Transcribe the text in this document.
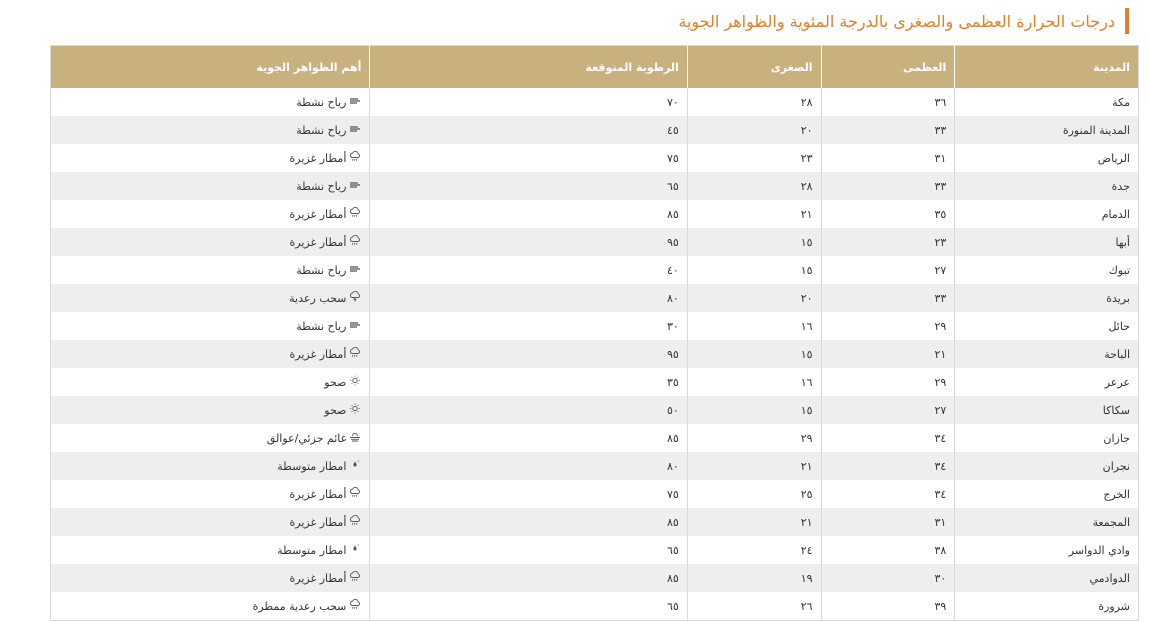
درجات الحرارة العظمى والصغرى بالدرجة المئوية والظواهر الجوية
المدينة
العظمى
الصغرى
الرطوبة المتوقعة
أهم الظواهر الجوية
مكة
٣٦
٢٨
٧٠
رياح نشطة
المدينة المنورة
٣٣
٢٠
٤٥
رياح نشطة
الرياض
٣١
٢٣
٧٥
أمطار غزيرة
جدة
٣٣
٢٨
٦٥
رياح نشطة
الدمام
٣٥
٢١
٨٥
أمطار غزيرة
أبها
٢٣
١٥
٩٥
أمطار غزيرة
تبوك
٢٧
١٥
٤٠
رياح نشطة
بريدة
٣٣
٢٠
٨٠
سحب رعدية
حائل
٢٩
١٦
٣٠
رياح نشطة
الباحة
٢١
١٥
٩٥
أمطار غزيرة
عرعر
٢٩
١٦
٣٥
صحو
سكاكا
٢٧
١٥
٥٠
صحو
جازان
٣٤
٢٩
٨٥
غائم جزئي/عوالق
نجران
٣٤
٢١
٨٠
امطار متوسطة
الخرج
٣٤
٢٥
٧٥
أمطار غزيرة
المجمعة
٣١
٢١
٨٥
أمطار غزيرة
وادي الدواسر
٣٨
٢٤
٦٥
امطار متوسطة
الدوادمي
٣٠
١٩
٨٥
أمطار غزيرة
شرورة
٣٩
٢٦
٦٥
سحب رعدية ممطرة
